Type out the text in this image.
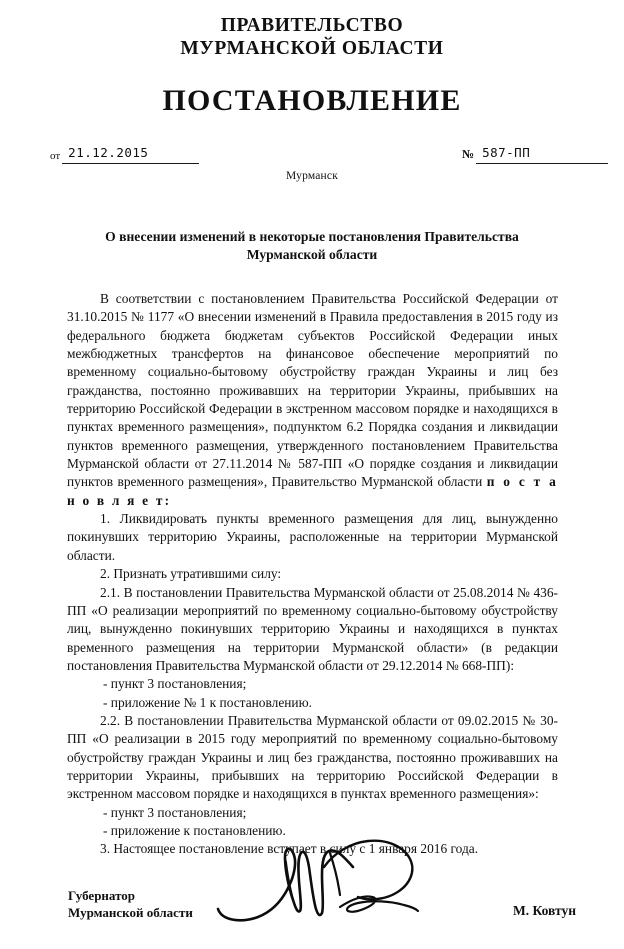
ПРАВИТЕЛЬСТВО
МУРМАНСКОЙ ОБЛАСТИ
ПОСТАНОВЛЕНИЕ
от 21.12.2015	№ 587-ПП
Мурманск
О внесении изменений в некоторые постановления Правительства
Мурманской области

В соответствии с постановлением Правительства Российской Федерации от 31.10.2015 № 1177 «О внесении изменений в Правила предоставления в 2015 году из федерального бюджета бюджетам субъектов Российской Федерации иных межбюджетных трансфертов на финансовое обеспечение мероприятий по временному социально-бытовому обустройству граждан Украины и лиц без гражданства, постоянно проживавших на территории Украины, прибывших на территорию Российской Федерации в экстренном массовом порядке и находящихся в пунктах временного размещения», подпунктом 6.2 Порядка создания и ликвидации пунктов временного размещения, утвержденного постановлением Правительства Мурманской области от 27.11.2014 № 587-ПП «О порядке создания и ликвидации пунктов временного размещения», Правительство Мурманской области п о с т а н о в л я е т:

1. Ликвидировать пункты временного размещения для лиц, вынужденно покинувших территорию Украины, расположенные на территории Мурманской области.

2. Признать утратившими силу:

2.1. В постановлении Правительства Мурманской области от 25.08.2014 № 436-ПП «О реализации мероприятий по временному социально-бытовому обустройству лиц, вынужденно покинувших территорию Украины и находящихся в пунктах временного размещения на территории Мурманской области» (в редакции постановления Правительства Мурманской области от 29.12.2014 № 668-ПП):

- пункт 3 постановления;

- приложение № 1 к постановлению.

2.2. В постановлении Правительства Мурманской области от 09.02.2015 № 30-ПП «О реализации в 2015 году мероприятий по временному социально-бытовому обустройству граждан Украины и лиц без гражданства, постоянно проживавших на территории Украины, прибывших на территорию Российской Федерации в экстренном массовом порядке и находящихся в пунктах временного размещения»:

- пункт 3 постановления;

- приложение к постановлению.

3. Настоящее постановление вступает в силу с 1 января 2016 года.

Губернатор
Мурманской области	М. Ковтун
